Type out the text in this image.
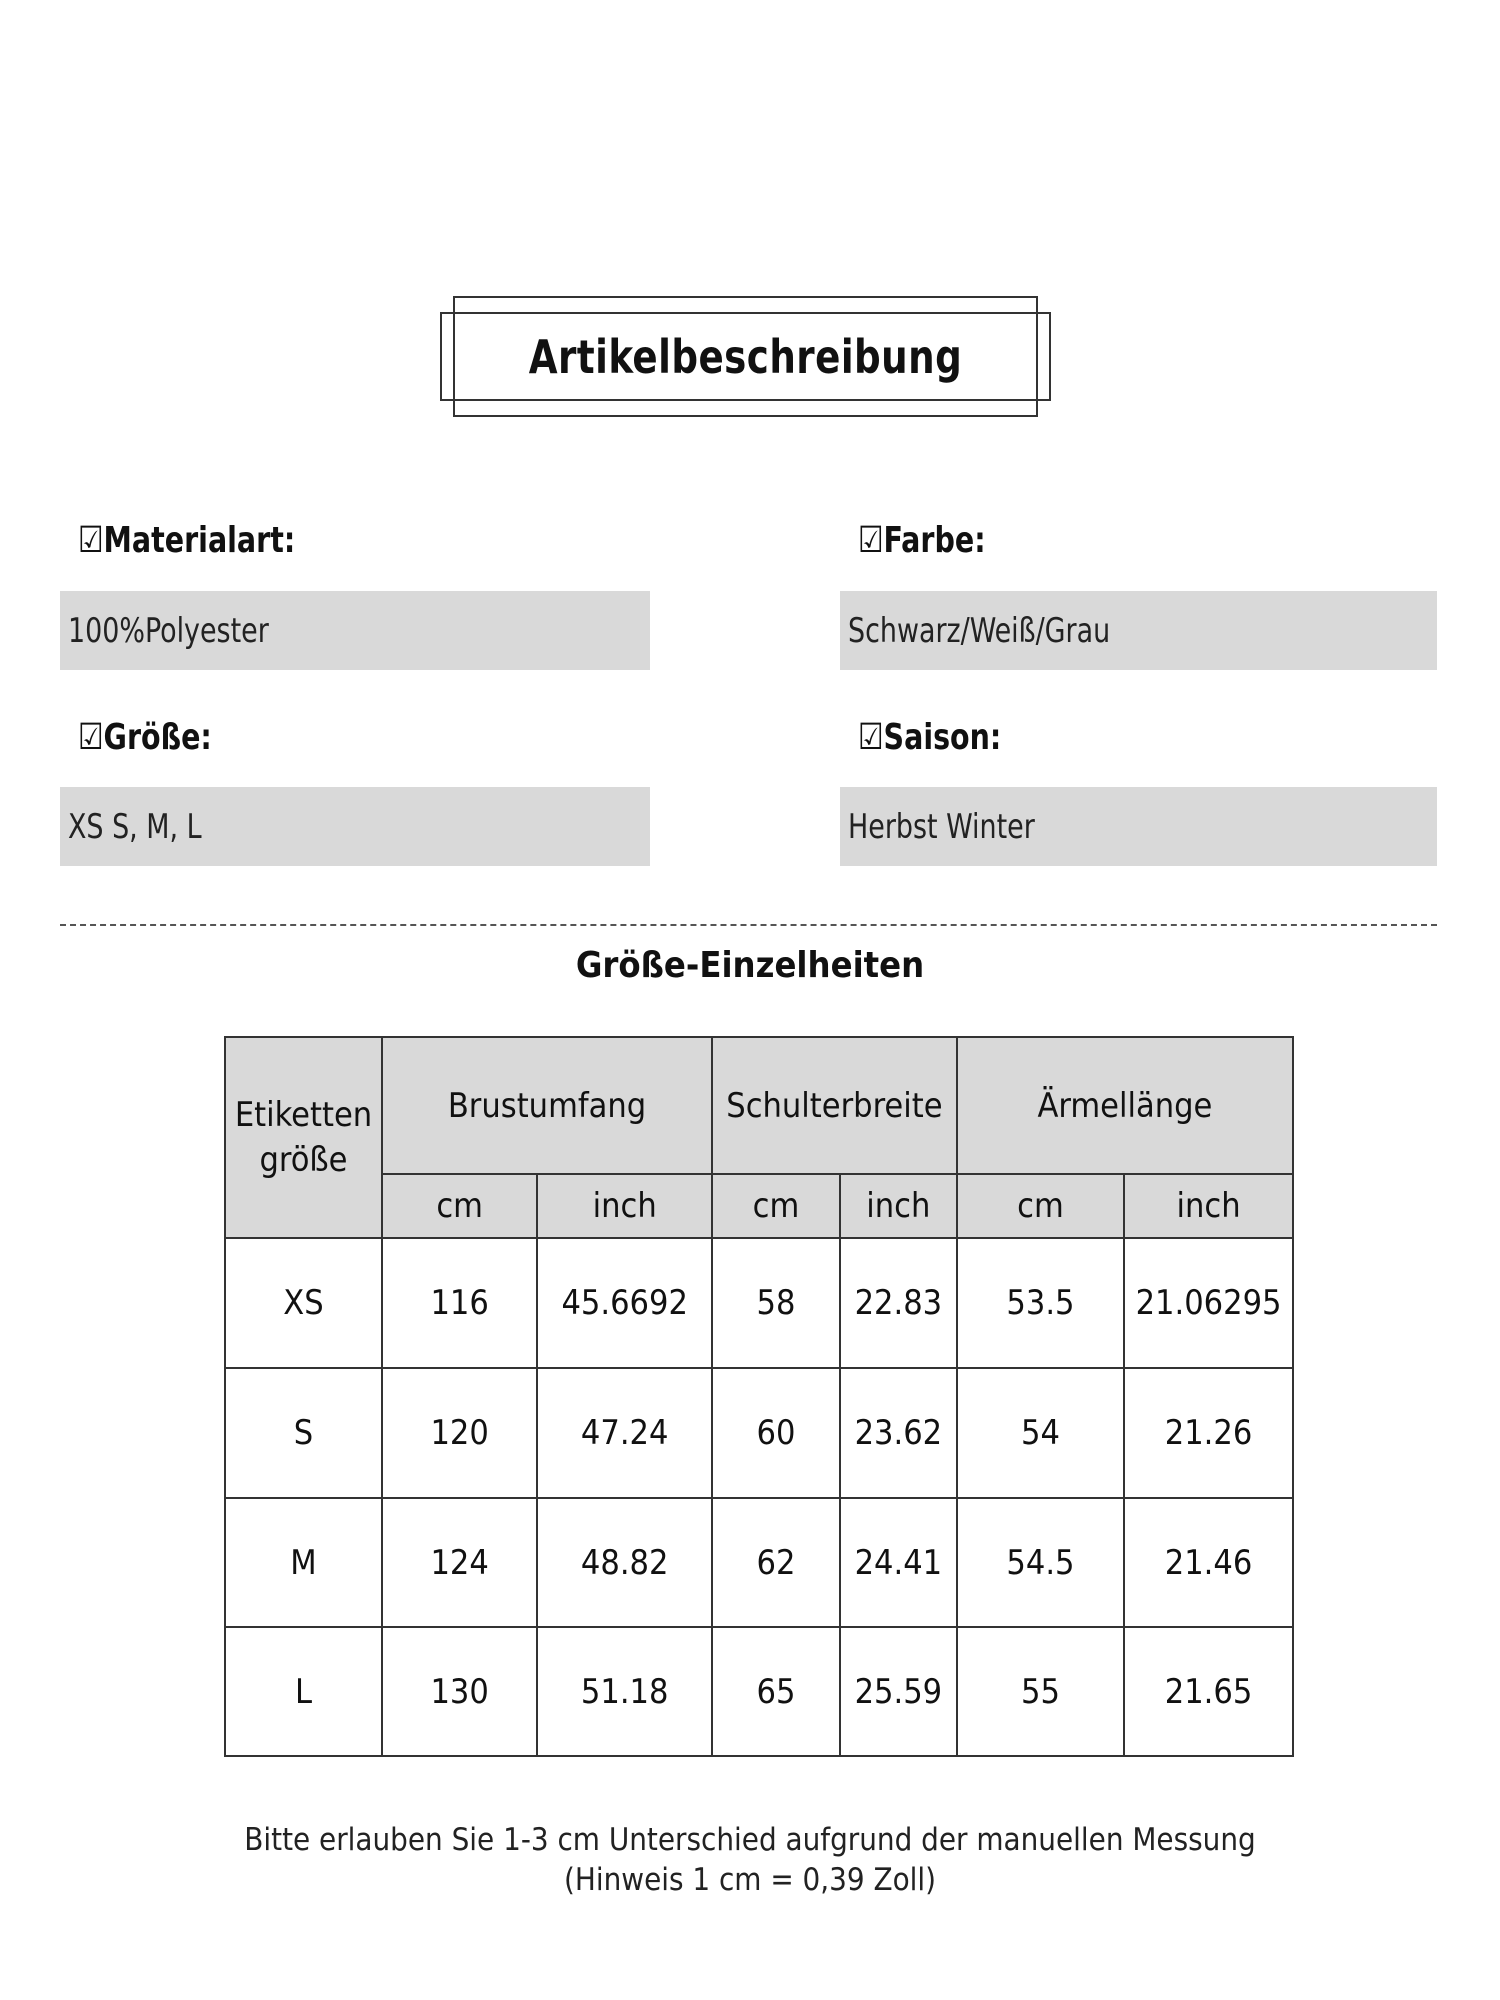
Artikelbeschreibung
☑Materialart:
100%Polyester
☑Farbe:
Schwarz/Weiß/Grau
☑Größe:
XS S, M, L
☑Saison:
Herbst Winter
Größe-Einzelheiten
Etiketten größe	Brustumfang		Schulterbreite		Ärmellänge	
	cm	inch	cm	inch	cm	inch
XS	116	45.6692	58	22.83	53.5	21.06295
S	120	47.24	60	23.62	54	21.26
M	124	48.82	62	24.41	54.5	21.46
L	130	51.18	65	25.59	55	21.65
Bitte erlauben Sie 1-3 cm Unterschied aufgrund der manuellen Messung
(Hinweis 1 cm = 0,39 Zoll)
